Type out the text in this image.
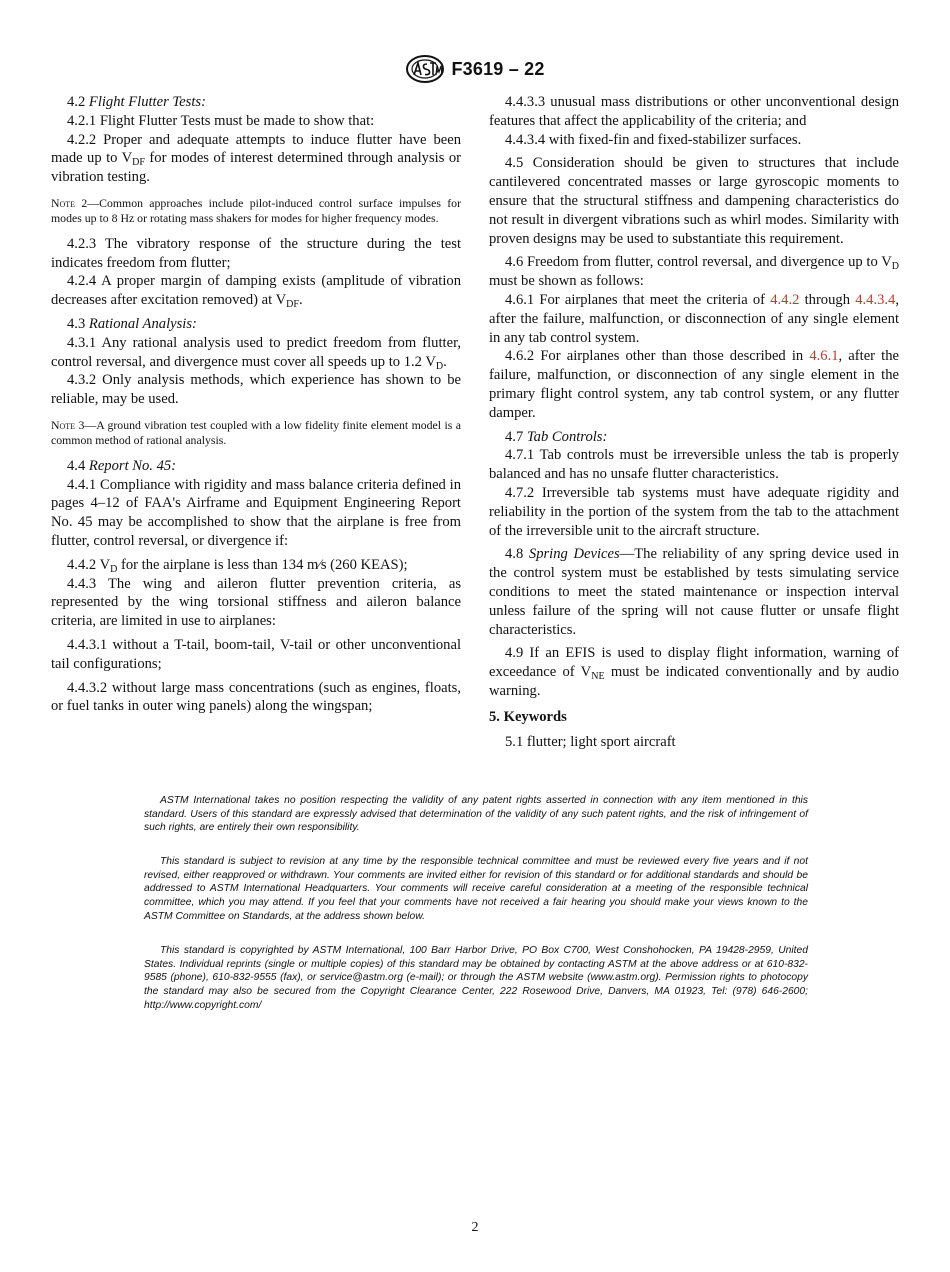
F3619 – 22

4.2 Flight Flutter Tests:

4.2.1 Flight Flutter Tests must be made to show that:

4.2.2 Proper and adequate attempts to induce flutter have been made up to $V_{DF}$ for modes of interest determined through analysis or vibration testing.

Note 2—Common approaches include pilot-induced control surface impulses for modes up to 8 Hz or rotating mass shakers for modes for higher frequency modes.

4.2.3 The vibratory response of the structure during the test indicates freedom from flutter;

4.2.4 A proper margin of damping exists (amplitude of vibration decreases after excitation removed) at $V_{DF}$.

4.3 Rational Analysis:

4.3.1 Any rational analysis used to predict freedom from flutter, control reversal, and divergence must cover all speeds up to 1.2 $V_D$.

4.3.2 Only analysis methods, which experience has shown to be reliable, may be used.

Note 3—A ground vibration test coupled with a low fidelity finite element model is a common method of rational analysis.

4.4 Report No. 45:

4.4.1 Compliance with rigidity and mass balance criteria defined in pages 4–12 of FAA's Airframe and Equipment Engineering Report No. 45 may be accomplished to show that the airplane is free from flutter, control reversal, or divergence if:

4.4.2 $V_D$ for the airplane is less than 134 m⁄s (260 KEAS);

4.4.3 The wing and aileron flutter prevention criteria, as represented by the wing torsional stiffness and aileron balance criteria, are limited in use to airplanes:

4.4.3.1 without a T-tail, boom-tail, V-tail or other unconventional tail configurations;

4.4.3.2 without large mass concentrations (such as engines, floats, or fuel tanks in outer wing panels) along the wingspan;

4.4.3.3 unusual mass distributions or other unconventional design features that affect the applicability of the criteria; and

4.4.3.4 with fixed-fin and fixed-stabilizer surfaces.

4.5 Consideration should be given to structures that include cantilevered concentrated masses or large gyroscopic moments to ensure that the structural stiffness and dampening characteristics do not result in divergent vibrations such as whirl modes. Similarity with proven designs may be used to substantiate this requirement.

4.6 Freedom from flutter, control reversal, and divergence up to $V_D$ must be shown as follows:

4.6.1 For airplanes that meet the criteria of 4.4.2 through 4.4.3.4, after the failure, malfunction, or disconnection of any single element in any tab control system.

4.6.2 For airplanes other than those described in 4.6.1, after the failure, malfunction, or disconnection of any single element in the primary flight control system, any tab control system, or any flutter damper.

4.7 Tab Controls:

4.7.1 Tab controls must be irreversible unless the tab is properly balanced and has no unsafe flutter characteristics.

4.7.2 Irreversible tab systems must have adequate rigidity and reliability in the portion of the system from the tab to the attachment of the irreversible unit to the aircraft structure.

4.8 Spring Devices—The reliability of any spring device used in the control system must be established by tests simulating service conditions to meet the stated maintenance or inspection interval unless failure of the spring will not cause flutter or unsafe flight characteristics.

4.9 If an EFIS is used to display flight information, warning of exceedance of $V_{NE}$ must be indicated conventionally and by audio warning.

5. Keywords

5.1 flutter; light sport aircraft

ASTM International takes no position respecting the validity of any patent rights asserted in connection with any item mentioned in this standard. Users of this standard are expressly advised that determination of the validity of any such patent rights, and the risk of infringement of such rights, are entirely their own responsibility.

This standard is subject to revision at any time by the responsible technical committee and must be reviewed every five years and if not revised, either reapproved or withdrawn. Your comments are invited either for revision of this standard or for additional standards and should be addressed to ASTM International Headquarters. Your comments will receive careful consideration at a meeting of the responsible technical committee, which you may attend. If you feel that your comments have not received a fair hearing you should make your views known to the ASTM Committee on Standards, at the address shown below.

This standard is copyrighted by ASTM International, 100 Barr Harbor Drive, PO Box C700, West Conshohocken, PA 19428-2959, United States. Individual reprints (single or multiple copies) of this standard may be obtained by contacting ASTM at the above address or at 610-832-9585 (phone), 610-832-9555 (fax), or service@astm.org (e-mail); or through the ASTM website (www.astm.org). Permission rights to photocopy the standard may also be secured from the Copyright Clearance Center, 222 Rosewood Drive, Danvers, MA 01923, Tel: (978) 646-2600; http://www.copyright.com/

2
